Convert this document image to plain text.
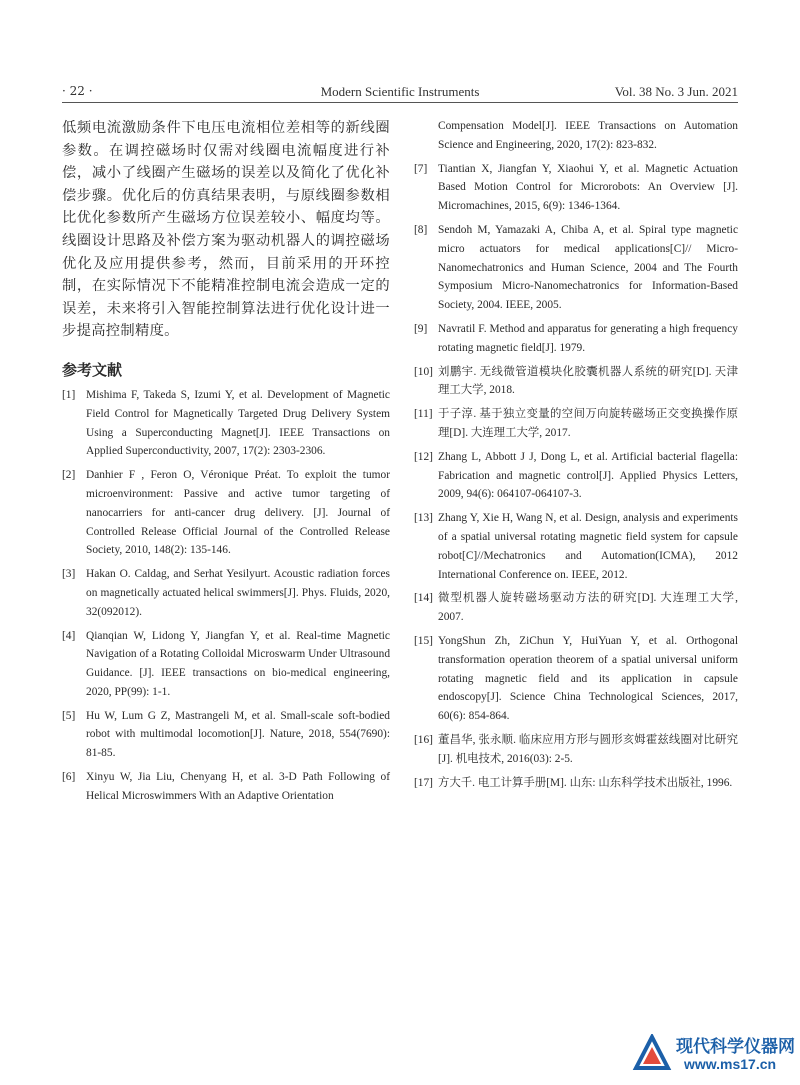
Modern Scientific Instruments
· 22 ·	Vol. 38 No. 3 Jun. 2021

低频电流激励条件下电压电流相位差相等的新线圈参数。在调控磁场时仅需对线圈电流幅度进行补偿，减小了线圈产生磁场的误差以及简化了优化补偿步骤。优化后的仿真结果表明，与原线圈参数相比优化参数所产生磁场方位误差较小、幅度均等。线圈设计思路及补偿方案为驱动机器人的调控磁场优化及应用提供参考，然而，目前采用的开环控制，在实际情况下不能精准控制电流会造成一定的误差，未来将引入智能控制算法进行优化设计进一步提高控制精度。

参考文献
[1] Mishima F, Takeda S, Izumi Y, et al. Development of Magnetic Field Control for Magnetically Targeted Drug Delivery System Using a Superconducting Magnet[J]. IEEE Transactions on Applied Superconductivity, 2007, 17(2): 2303-2306.
[2] Danhier F , Feron O, Véronique Préat. To exploit the tumor microenvironment: Passive and active tumor targeting of nanocarriers for anti-cancer drug delivery. [J]. Journal of Controlled Release Official Journal of the Controlled Release Society, 2010, 148(2): 135-146.
[3] Hakan O. Caldag, and Serhat Yesilyurt. Acoustic radiation forces on magnetically actuated helical swimmers[J]. Phys. Fluids, 2020, 32(092012).
[4] Qianqian W, Lidong Y, Jiangfan Y, et al. Real-time Magnetic Navigation of a Rotating Colloidal Microswarm Under Ultrasound Guidance. [J]. IEEE transactions on bio-medical engineering, 2020, PP(99): 1-1.
[5] Hu W, Lum G Z, Mastrangeli M, et al. Small-scale soft-bodied robot with multimodal locomotion[J]. Nature, 2018, 554(7690): 81-85.
[6] Xinyu W, Jia Liu, Chenyang H, et al. 3-D Path Following of Helical Microswimmers With an Adaptive Orientation
Compensation Model[J]. IEEE Transactions on Automation Science and Engineering, 2020, 17(2): 823-832.
[7] Tiantian X, Jiangfan Y, Xiaohui Y, et al. Magnetic Actuation Based Motion Control for Microrobots: An Overview [J]. Micromachines, 2015, 6(9): 1346-1364.
[8] Sendoh M, Yamazaki A, Chiba A, et al. Spiral type magnetic micro actuators for medical applications[C]// Micro-Nanomechatronics and Human Science, 2004 and The Fourth Symposium Micro-Nanomechatronics for Information-Based Society, 2004. IEEE, 2005.
[9] Navratil F. Method and apparatus for generating a high frequency rotating magnetic field[J]. 1979.
[10] 刘鹏宇. 无线微管道模块化胶囊机器人系统的研究[D]. 天津理工大学, 2018.
[11] 于子淳. 基于独立变量的空间万向旋转磁场正交变换操作原理[D]. 大连理工大学, 2017.
[12] Zhang L, Abbott J J, Dong L, et al. Artificial bacterial flagella: Fabrication and magnetic control[J]. Applied Physics Letters, 2009, 94(6): 064107-064107-3.
[13] Zhang Y, Xie H, Wang N, et al. Design, analysis and experiments of a spatial universal rotating magnetic field system for capsule robot[C]//Mechatronics and Automation(ICMA), 2012 International Conference on. IEEE, 2012.
[14] 微型机器人旋转磁场驱动方法的研究[D]. 大连理工大学, 2007.
[15] YongShun Zh, ZiChun Y, HuiYuan Y, et al. Orthogonal transformation operation theorem of a spatial universal uniform rotating magnetic field and its application in capsule endoscopy[J]. Science China Technological Sciences, 2017, 60(6): 854-864.
[16] 董昌华, 张永顺. 临床应用方形与圆形亥姆霍兹线圈对比研究[J]. 机电技术, 2016(03): 2-5.
[17] 方大千. 电工计算手册[M]. 山东: 山东科学技术出版社, 1996.
现代科学仪器网
www.ms17.cn
